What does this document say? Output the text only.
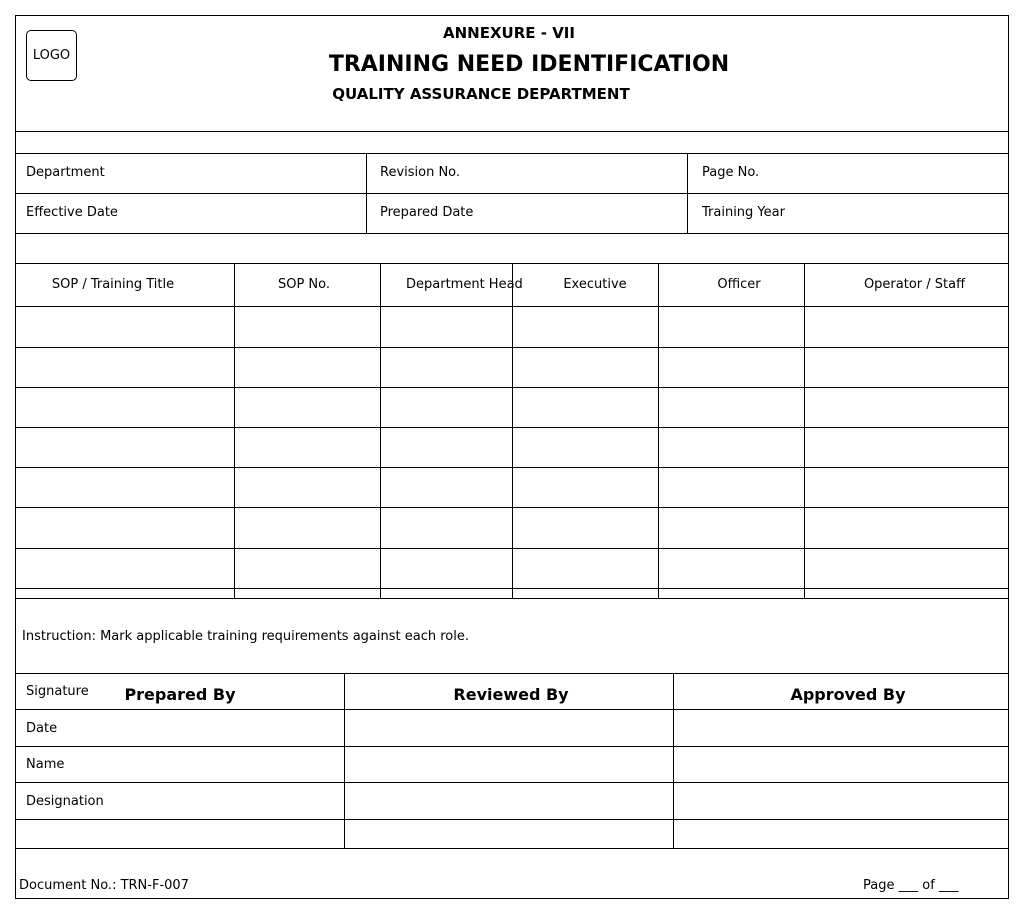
LOGO
ANNEXURE - VII
TRAINING NEED IDENTIFICATION
QUALITY ASSURANCE DEPARTMENT
Department	Revision No.	Page No.
Effective Date	Prepared Date	Training Year
SOP / Training Title	SOP No.	Department Head	Executive	Officer	Operator / Staff
Instruction: Mark applicable training requirements against each role.
Signature
Date
Name
Designation
Prepared By	Reviewed By	Approved By
Document No.: TRN-F-007	Page ___ of ___
